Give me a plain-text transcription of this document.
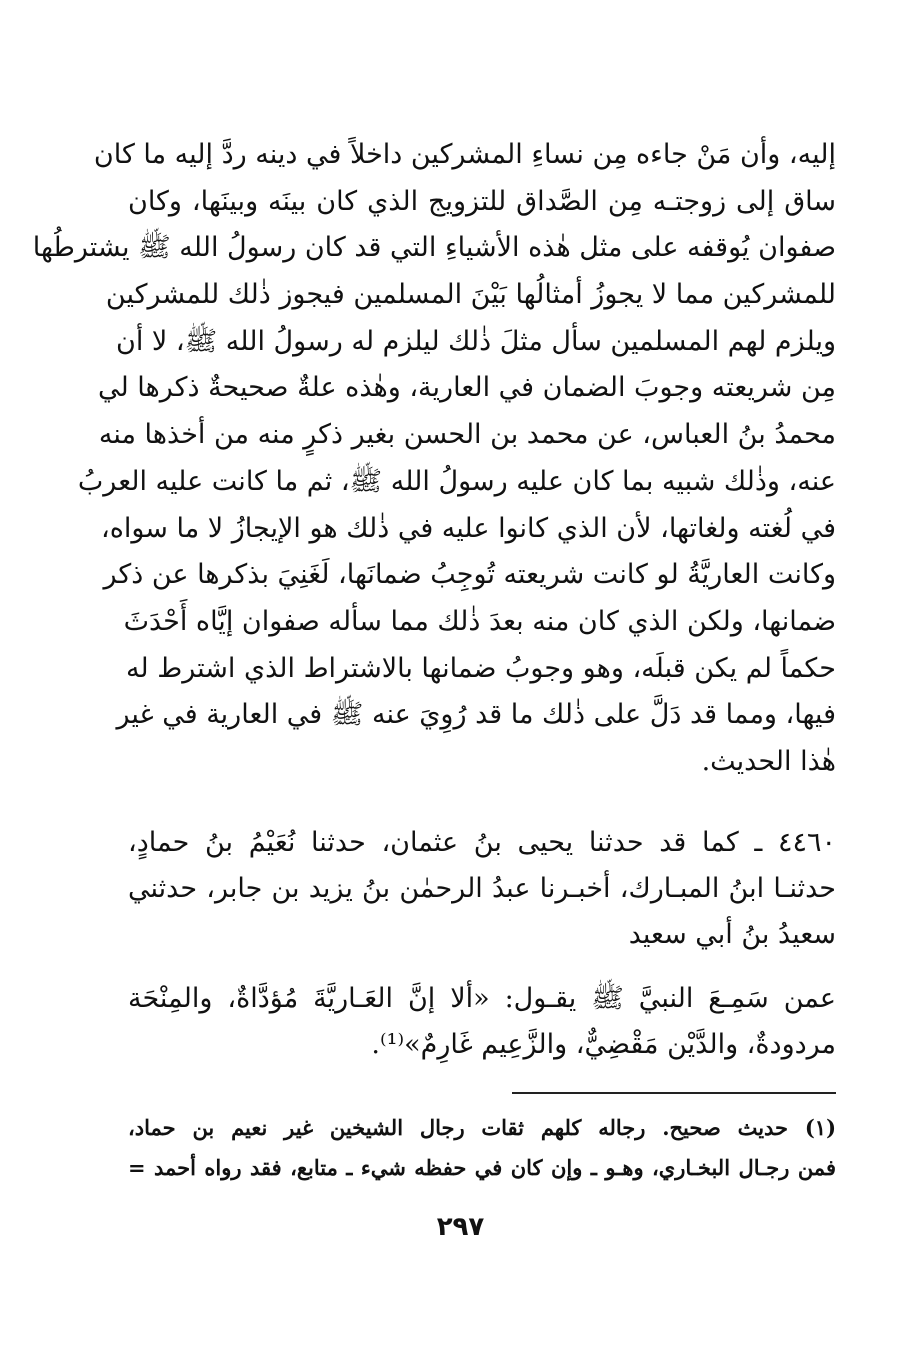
إليه، وأن مَنْ جاءه مِن نساءِ المشركين داخلاً في دينه ردَّ إليه ما كان
ساق إلى زوجتـه مِن الصَّداق للتزويج الذي كان بينَه وبينَها، وكان
صفوان يُوقفه على مثل هٰذه الأشياءِ التي قد كان رسولُ الله ﷺ يشترطُها
للمشركين مما لا يجوزُ أمثالُها بَيْنَ المسلمين فيجوز ذٰلك للمشركين
ويلزم لهم المسلمين سأل مثلَ ذٰلك ليلزم له رسولُ الله ﷺ، لا أن
مِن شريعته وجوبَ الضمان في العارية، وهٰذه علةٌ صحيحةٌ ذكرها لي
محمدُ بنُ العباس، عن محمد بن الحسن بغير ذكرٍ منه من أخذها منه
عنه، وذٰلك شبيه بما كان عليه رسولُ الله ﷺ، ثم ما كانت عليه العربُ
في لُغته ولغاتها، لأن الذي كانوا عليه في ذٰلك هو الإيجازُ لا ما سواه،
وكانت العاريَّةُ لو كانت شريعته تُوجِبُ ضمانَها، لَغَنِيَ بذكرها عن ذكر
ضمانها، ولكن الذي كان منه بعدَ ذٰلك مما سأله صفوان إيَّاه أَحْدَثَ
حكماً لم يكن قبلَه، وهو وجوبُ ضمانها بالاشتراط الذي اشترط له
فيها، ومما قد دَلَّ على ذٰلك ما قد رُوِيَ عنه ﷺ في العارية في غير
هٰذا الحديث.
٤٤٦٠ ـ كما قد حدثنا يحيى بنُ عثمان، حدثنا نُعَيْمُ بنُ حمادٍ،
حدثنـا ابنُ المبـارك، أخبـرنا عبدُ الرحمٰن بنُ يزيد بن جابر، حدثني
سعيدُ بنُ أبي سعيد
عمن سَمِـعَ النبيَّ ﷺ يقـول: «ألا إنَّ العَـاريَّةَ مُؤدَّاةٌ، والمِنْحَة
مردودةٌ، والدَّيْن مَقْضِيٌّ، والزَّعِيم غَارِمٌ»⁽¹⁾.
(١) حديث صحيح. رجاله كلهم ثقات رجال الشيخين غير نعيم بن حماد،
فمن رجـال البخـاري، وهـو ـ وإن كان في حفظه شيء ـ متابع، فقد رواه أحمد =
٢٩٧
